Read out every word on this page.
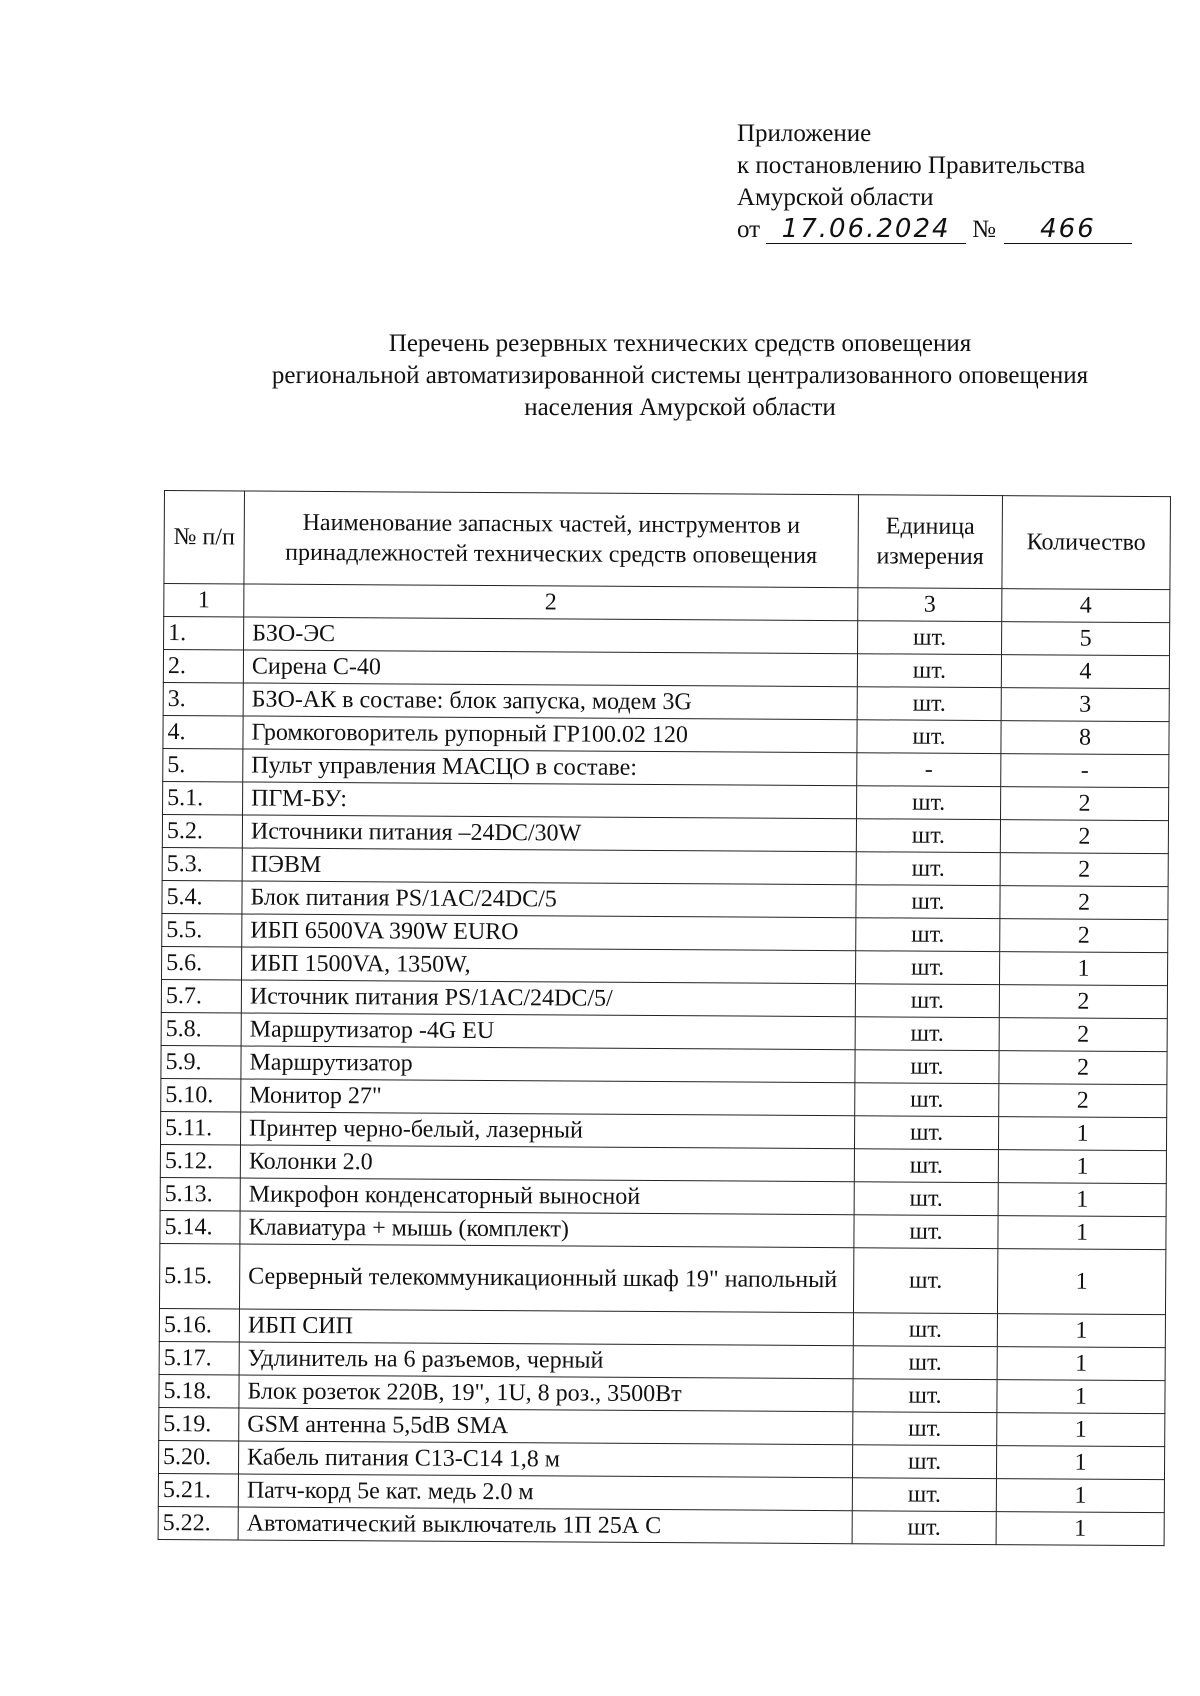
Приложение
к постановлению Правительства
Амурской области
от 17.06.2024 № 466
Перечень резервных технических средств оповещения
региональной автоматизированной системы централизованного оповещения
населения Амурской области
№ п/п	Наименование запасных частей, инструментов и принадлежностей технических средств оповещения	Единица измерения	Количество
1	2	3	4
1.	БЗО-ЭС	шт.	5
2.	Сирена С-40	шт.	4
3.	БЗО-АК в составе: блок запуска, модем 3G	шт.	3
4.	Громкоговоритель рупорный ГР100.02 120	шт.	8
5.	Пульт управления МАСЦО в составе:	-	-
5.1.	ПГМ-БУ:	шт.	2
5.2.	Источники питания –24DC/30W	шт.	2
5.3.	ПЭВМ	шт.	2
5.4.	Блок питания PS/1AC/24DC/5	шт.	2
5.5.	ИБП 6500VA 390W EURO	шт.	2
5.6.	ИБП 1500VA, 1350W,	шт.	1
5.7.	Источник питания PS/1AC/24DC/5/	шт.	2
5.8.	Маршрутизатор -4G EU	шт.	2
5.9.	Маршрутизатор	шт.	2
5.10.	Монитор 27"	шт.	2
5.11.	Принтер черно-белый, лазерный	шт.	1
5.12.	Колонки 2.0	шт.	1
5.13.	Микрофон конденсаторный выносной	шт.	1
5.14.	Клавиатура + мышь (комплект)	шт.	1
5.15.	Серверный телекоммуникационный шкаф 19" напольный	шт.	1
5.16.	ИБП СИП	шт.	1
5.17.	Удлинитель на 6 разъемов, черный	шт.	1
5.18.	Блок розеток 220В, 19", 1U, 8 роз., 3500Вт	шт.	1
5.19.	GSM антенна 5,5dB SMA	шт.	1
5.20.	Кабель питания C13-C14 1,8 м	шт.	1
5.21.	Патч-корд 5е кат. медь 2.0 м	шт.	1
5.22.	Автоматический выключатель 1П 25А С	шт.	1
